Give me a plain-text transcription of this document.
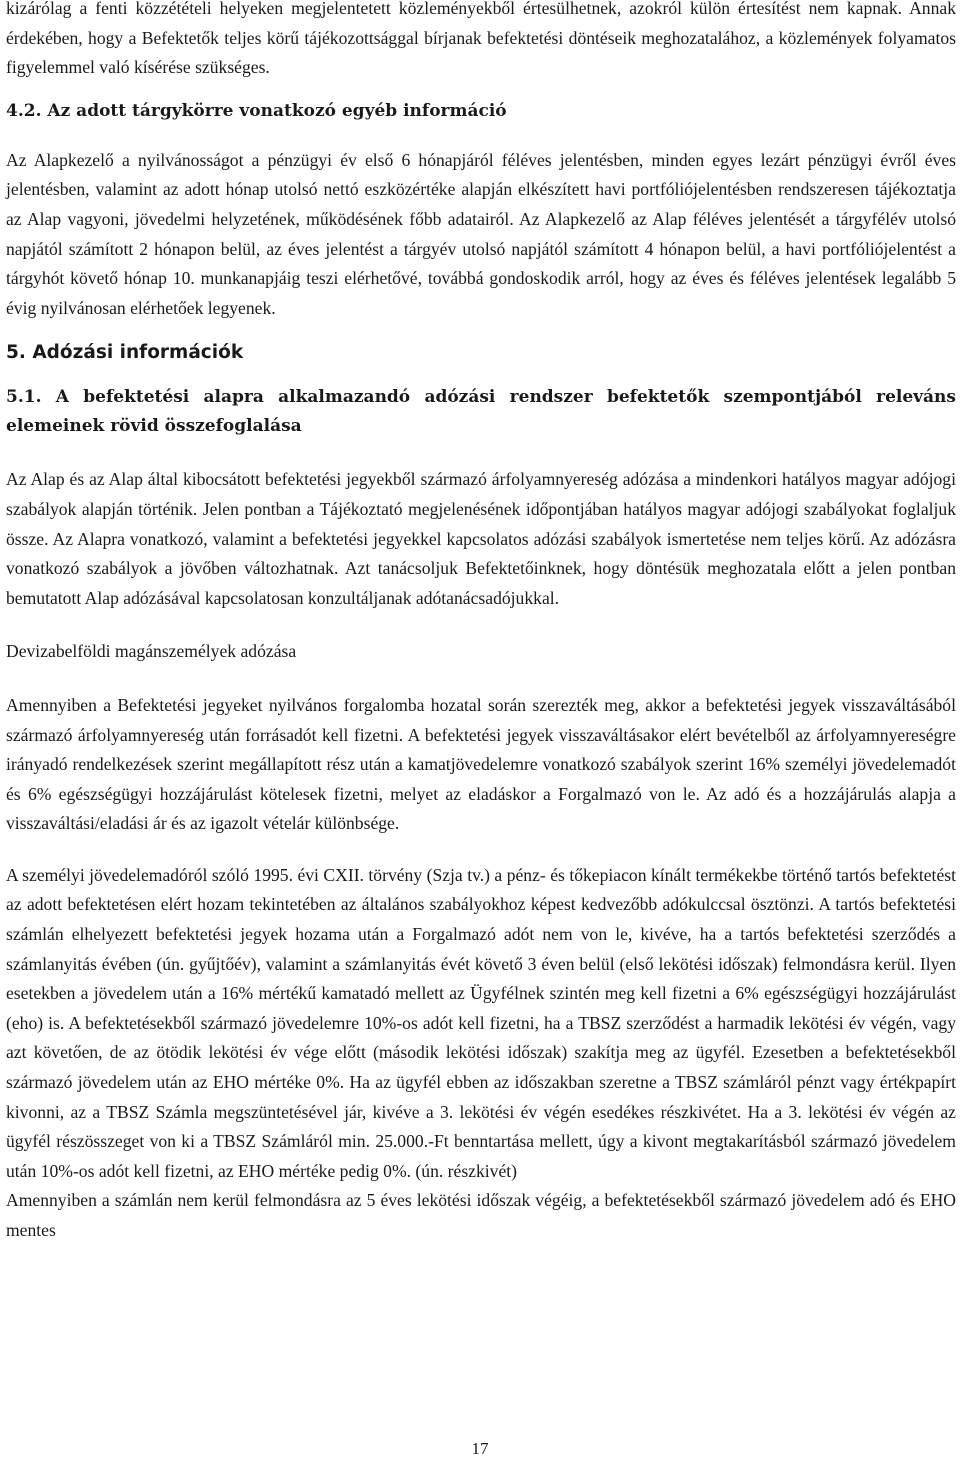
kizárólag a fenti közzétételi helyeken megjelentetett közleményekből értesülhetnek, azokról külön értesítést nem kapnak. Annak érdekében, hogy a Befektetők teljes körű tájékozottsággal bírjanak befektetési döntéseik meghozatalához, a közlemények folyamatos figyelemmel való kísérése szükséges.

4.2. Az adott tárgykörre vonatkozó egyéb információ

Az Alapkezelő a nyilvánosságot a pénzügyi év első 6 hónapjáról féléves jelentésben, minden egyes lezárt pénzügyi évről éves jelentésben, valamint az adott hónap utolsó nettó eszközértéke alapján elkészített havi portfóliójelentésben rendszeresen tájékoztatja az Alap vagyoni, jövedelmi helyzetének, működésének főbb adatairól. Az Alapkezelő az Alap féléves jelentését a tárgyfélév utolsó napjától számított 2 hónapon belül, az éves jelentést a tárgyév utolsó napjától számított 4 hónapon belül, a havi portfóliójelentést a tárgyhót követő hónap 10. munkanapjáig teszi elérhetővé, továbbá gondoskodik arról, hogy az éves és féléves jelentések legalább 5 évig nyilvánosan elérhetőek legyenek.

5. Adózási információk
5.1. A befektetési alapra alkalmazandó adózási rendszer befektetők szempontjából releváns elemeinek rövid összefoglalása

Az Alap és az Alap által kibocsátott befektetési jegyekből származó árfolyamnyereség adózása a mindenkori hatályos magyar adójogi szabályok alapján történik. Jelen pontban a Tájékoztató megjelenésének időpontjában hatályos magyar adójogi szabályokat foglaljuk össze. Az Alapra vonatkozó, valamint a befektetési jegyekkel kapcsolatos adózási szabályok ismertetése nem teljes körű. Az adózásra vonatkozó szabályok a jövőben változhatnak. Azt tanácsoljuk Befektetőinknek, hogy döntésük meghozatala előtt a jelen pontban bemutatott Alap adózásával kapcsolatosan konzultáljanak adótanácsadójukkal.

Devizabelföldi magánszemélyek adózása

Amennyiben a Befektetési jegyeket nyilvános forgalomba hozatal során szerezték meg, akkor a befektetési jegyek visszaváltásából származó árfolyamnyereség után forrásadót kell fizetni. A befektetési jegyek visszaváltásakor elért bevételből az árfolyamnyereségre irányadó rendelkezések szerint megállapított rész után a kamatjövedelemre vonatkozó szabályok szerint 16% személyi jövedelemadót és 6% egészségügyi hozzájárulást kötelesek fizetni, melyet az eladáskor a Forgalmazó von le. Az adó és a hozzájárulás alapja a visszaváltási/eladási ár és az igazolt vételár különbsége.

A személyi jövedelemadóról szóló 1995. évi CXII. törvény (Szja tv.) a pénz- és tőkepiacon kínált termékekbe történő tartós befektetést az adott befektetésen elért hozam tekintetében az általános szabályokhoz képest kedvezőbb adókulccsal ösztönzi. A tartós befektetési számlán elhelyezett befektetési jegyek hozama után a Forgalmazó adót nem von le, kivéve, ha a tartós befektetési szerződés a számlanyitás évében (ún. gyűjtőév), valamint a számlanyitás évét követő 3 éven belül (első lekötési időszak) felmondásra kerül. Ilyen esetekben a jövedelem után a 16% mértékű kamatadó mellett az Ügyfélnek szintén meg kell fizetni a 6% egészségügyi hozzájárulást (eho) is. A befektetésekből származó jövedelemre 10%-os adót kell fizetni, ha a TBSZ szerződést a harmadik lekötési év végén, vagy azt követően, de az ötödik lekötési év vége előtt (második lekötési időszak) szakítja meg az ügyfél. Ezesetben a befektetésekből származó jövedelem után az EHO mértéke 0%. Ha az ügyfél ebben az időszakban szeretne a TBSZ számláról pénzt vagy értékpapírt kivonni, az a TBSZ Számla megszüntetésével jár, kivéve a 3. lekötési év végén esedékes részkivétet. Ha a 3. lekötési év végén az ügyfél részösszeget von ki a TBSZ Számláról min. 25.000.-Ft benntartása mellett, úgy a kivont megtakarításból származó jövedelem után 10%-os adót kell fizetni, az EHO mértéke pedig 0%. (ún. részkivét)

Amennyiben a számlán nem kerül felmondásra az 5 éves lekötési időszak végéig, a befektetésekből származó jövedelem adó és EHO mentes

17
